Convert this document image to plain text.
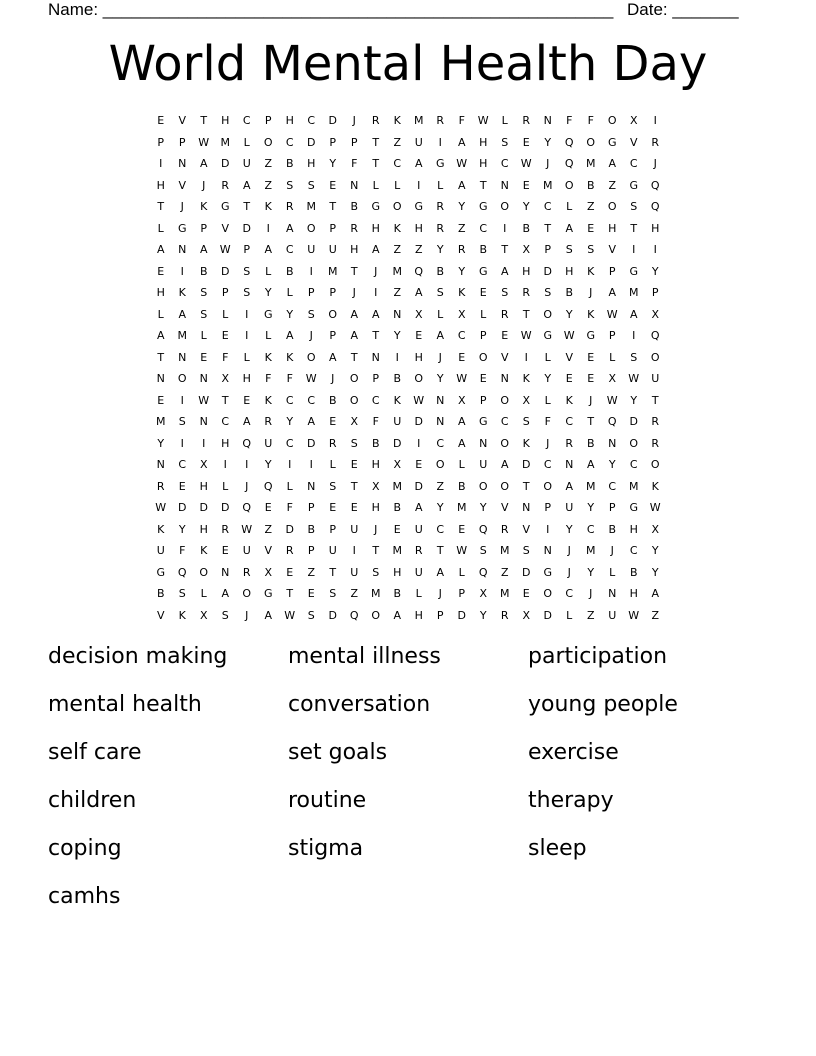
Name: ______________________________________________________ Date: _______
World Mental Health Day
E	V	T	H	C	P	H	C	D	J	R	K	M	R	F	W	L	R	N	F	F	O	X	I
P	P	W	M	L	O	C	D	P	P	T	Z	U	I	A	H	S	E	Y	Q	O	G	V	R
I	N	A	D	U	Z	B	H	Y	F	T	C	A	G	W	H	C	W	J	Q	M	A	C	J
H	V	J	R	A	Z	S	S	E	N	L	L	I	L	A	T	N	E	M	O	B	Z	G	Q
T	J	K	G	T	K	R	M	T	B	G	O	G	R	Y	G	O	Y	C	L	Z	O	S	Q
L	G	P	V	D	I	A	O	P	R	H	K	H	R	Z	C	I	B	T	A	E	H	T	H
A	N	A	W	P	A	C	U	U	H	A	Z	Z	Y	R	B	T	X	P	S	S	V	I	I
E	I	B	D	S	L	B	I	M	T	J	M	Q	B	Y	G	A	H	D	H	K	P	G	Y
H	K	S	P	S	Y	L	P	P	J	I	Z	A	S	K	E	S	R	S	B	J	A	M	P
L	A	S	L	I	G	Y	S	O	A	A	N	X	L	X	L	R	T	O	Y	K	W	A	X
A	M	L	E	I	L	A	J	P	A	T	Y	E	A	C	P	E	W	G	W	G	P	I	Q
T	N	E	F	L	K	K	O	A	T	N	I	H	J	E	O	V	I	L	V	E	L	S	O
N	O	N	X	H	F	F	W	J	O	P	B	O	Y	W	E	N	K	Y	E	E	X	W	U
E	I	W	T	E	K	C	C	B	O	C	K	W	N	X	P	O	X	L	K	J	W	Y	T
M	S	N	C	A	R	Y	A	E	X	F	U	D	N	A	G	C	S	F	C	T	Q	D	R
Y	I	I	H	Q	U	C	D	R	S	B	D	I	C	A	N	O	K	J	R	B	N	O	R
N	C	X	I	I	Y	I	I	L	E	H	X	E	O	L	U	A	D	C	N	A	Y	C	O
R	E	H	L	J	Q	L	N	S	T	X	M	D	Z	B	O	O	T	O	A	M	C	M	K
W	D	D	D	Q	E	F	P	E	E	H	B	A	Y	M	Y	V	N	P	U	Y	P	G	W
K	Y	H	R	W	Z	D	B	P	U	J	E	U	C	E	Q	R	V	I	Y	C	B	H	X
U	F	K	E	U	V	R	P	U	I	T	M	R	T	W	S	M	S	N	J	M	J	C	Y
G	Q	O	N	R	X	E	Z	T	U	S	H	U	A	L	Q	Z	D	G	J	Y	L	B	Y
B	S	L	A	O	G	T	E	S	Z	M	B	L	J	P	X	M	E	O	C	J	N	H	A
V	K	X	S	J	A	W	S	D	Q	O	A	H	P	D	Y	R	X	D	L	Z	U	W	Z
decision making	mental illness	participation
mental health	conversation	young people
self care	set goals	exercise
children	routine	therapy
coping	stigma	sleep
camhs
